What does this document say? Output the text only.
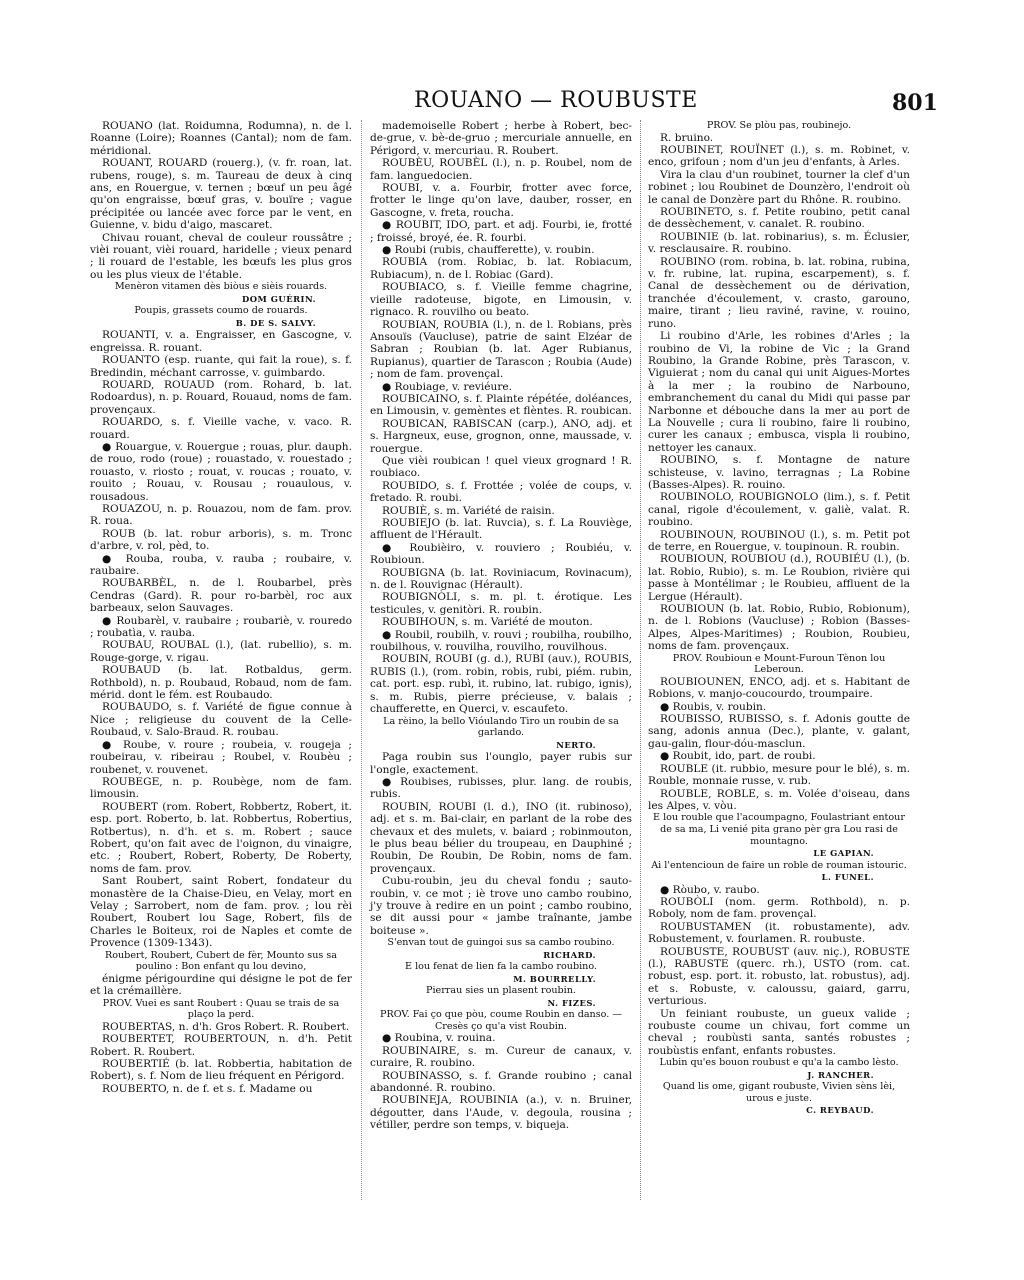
ROUANO — ROUBUSTE	801

ROUANO (lat. Roidumna, Rodumna), n. de l. Roanne (Loire); Roannes (Cantal); nom de fam. méridional.

ROUANT, ROUARD (rouerg.), (v. fr. roan, lat. rubens, rouge), s. m. Taureau de deux à cinq ans, en Rouergue, v. ternen ; bœuf un peu âgé qu'on engraisse, bœuf gras, v. bouïre ; vague précipitée ou lancée avec force par le vent, en Guienne, v. bidu d'aigo, mascaret.

Chivau rouant, cheval de couleur roussâtre ; vièi rouant, vièi rouard, haridelle ; vieux penard ; li rouard de l'estable, les bœufs les plus gros ou les plus vieux de l'étable.

Menèron vitamen dès biòus e sièis rouards.

DOM GUÉRIN.

Poupis, grassets coumo de rouards.

B. DE S. SALVY.

ROUANTI, v. a. Engraisser, en Gascogne, v. engreissa. R. rouant.

ROUANTO (esp. ruante, qui fait la roue), s. f. Bredindin, méchant carrosse, v. guimbardo.

ROUARD, ROUAUD (rom. Rohard, b. lat. Rodoardus), n. p. Rouard, Rouaud, noms de fam. provençaux.

ROUARDO, s. f. Vieille vache, v. vaco. R. rouard.

● Rouargue, v. Rouergue ; rouas, plur. dauph. de rouo, rodo (roue) ; rouastado, v. rouestado ; rouasto, v. riosto ; rouat, v. roucas ; rouato, v. rouito ; Rouau, v. Rousau ; rouaulous, v. rousadous.

ROUAZOU, n. p. Rouazou, nom de fam. prov. R. roua.

ROUB (b. lat. robur arboris), s. m. Tronc d'arbre, v. rol, pèd, to.

● Rouba, rouba, v. rauba ; roubaire, v. raubaire.

ROUBARBÈL, n. de l. Roubarbel, près Cendras (Gard). R. pour ro-barbèl, roc aux barbeaux, selon Sauvages.

● Roubarèl, v. raubaire ; roubariè, v. rouredo ; roubatìa, v. rauba.

ROUBAU, ROUBAL (l.), (lat. rubellio), s. m. Rouge-gorge, v. rigau.

ROUBAUD (b. lat. Rotbaldus, germ. Rothbold), n. p. Roubaud, Robaud, nom de fam. mérid. dont le fém. est Roubaudo.

ROUBAUDO, s. f. Variété de figue connue à Nice ; religieuse du couvent de la Celle-Roubaud, v. Salo-Braud. R. roubau.

● Roube, v. roure ; roubeia, v. rougeja ; roubeirau, v. ribeirau ; Roubel, v. Roubèu ; roubenet, v. rouvenet.

ROUBEGE, n. p. Roubège, nom de fam. limousin.

ROUBERT (rom. Robert, Robbertz, Robert, it. esp. port. Roberto, b. lat. Robbertus, Robertius, Rotbertus), n. d'h. et s. m. Robert ; sauce Robert, qu'on fait avec de l'oignon, du vinaigre, etc. ; Roubert, Robert, Roberty, De Roberty, noms de fam. prov.

Sant Roubert, saint Robert, fondateur du monastère de la Chaise-Dieu, en Velay, mort en Velay ; Sarrobert, nom de fam. prov. ; lou rèi Roubert, Roubert lou Sage, Robert, fils de Charles le Boiteux, roi de Naples et comte de Provence (1309-1343).

Roubert, Roubert, Cubert de fèr, Mounto sus sa poulino : Bon enfant qu lou devino,

énigme périgourdine qui désigne le pot de fer et la crémaillère.

PROV. Vuei es sant Roubert : Quau se trais de sa plaço la perd.

ROUBERTAS, n. d'h. Gros Robert. R. Roubert.

ROUBERTET, ROUBERTOUN, n. d'h. Petit Robert. R. Roubert.

ROUBERTIÉ (b. lat. Robbertia, habitation de Robert), s. f. Nom de lieu fréquent en Périgord.

ROUBERTO, n. de f. et s. f. Madame ou

mademoiselle Robert ; herbe à Robert, bec-de-grue, v. bè-de-gruo ; mercuriale annuelle, en Périgord, v. mercuriau. R. Roubert.

ROUBÈU, ROUBÈL (l.), n. p. Roubel, nom de fam. languedocien.

ROUBI, v. a. Fourbir, frotter avec force, frotter le linge qu'on lave, dauber, rosser, en Gascogne, v. freta, roucha.

● ROUBIT, IDO, part. et adj. Fourbi, ie, frotté ; froissé, broyé, ée. R. fourbi.

● Roubi (rubis, chaufferette), v. roubin.

ROUBIA (rom. Robiac, b. lat. Robiacum, Rubiacum), n. de l. Robiac (Gard).

ROUBIACO, s. f. Vieille femme chagrine, vieille radoteuse, bigote, en Limousin, v. rignaco. R. rouvilho ou beato.

ROUBIAN, ROUBIA (l.), n. de l. Robians, près Ansouïs (Vaucluse), patrie de saint Elzéar de Sabran ; Roubian (b. lat. Ager Rubianus, Rupianus), quartier de Tarascon ; Roubia (Aude) ; nom de fam. provençal.

● Roubiage, v. reviéure.

ROUBICAINO, s. f. Plainte répétée, doléances, en Limousin, v. gemèntes et flèntes. R. roubican.

ROUBICAN, RABISCAN (carp.), ANO, adj. et s. Hargneux, euse, grognon, onne, maussade, v. rouergue.

Que vièi roubican ! quel vieux grognard ! R. roubiaco.

ROUBIDO, s. f. Frottée ; volée de coups, v. fretado. R. roubi.

ROUBIÈ, s. m. Variété de raisin.

ROUBIEJO (b. lat. Ruvcia), s. f. La Rouviège, affluent de l'Hérault.

● Roubièiro, v. rouviero ; Roubiéu, v. Roubioun.

ROUBIGNA (b. lat. Roviniacum, Rovinacum), n. de l. Rouvignac (Hérault).

ROUBIGNÒLI, s. m. pl. t. érotique. Les testicules, v. genitòri. R. roubin.

ROUBIHOUN, s. m. Variété de mouton.

● Roubil, roubilh, v. rouvi ; roubilha, roubilho, roubilhous, v. rouvilha, rouvilho, rouvilhous.

ROUBIN, ROUBI (g. d.), RUBI (auv.), ROUBIS, RUBIS (l.), (rom. robin, robis, rubi, piém. rubin, cat. port. esp. rubì, it. rubino, lat. rubigo, ignis), s. m. Rubis, pierre précieuse, v. balais ; chaufferette, en Querci, v. escaufeto.

La rèino, la bello Vióulando Tiro un roubin de sa garlando.

NERTO.

Paga roubin sus l'ounglo, payer rubis sur l'ongle, exactement.

● Roubises, rubisses, plur. lang. de roubis, rubis.

ROUBIN, ROUBI (l. d.), INO (it. rubinoso), adj. et s. m. Bai-clair, en parlant de la robe des chevaux et des mulets, v. baiard ; robinmouton, le plus beau bélier du troupeau, en Dauphiné ; Roubin, De Roubin, De Robin, noms de fam. provençaux.

Cubu-roubin, jeu du cheval fondu ; sauto-roubin, v. ce mot ; iè trove uno cambo roubino, j'y trouve à redire en un point ; cambo roubino, se dit aussi pour « jambe traînante, jambe boiteuse ».

S'envan tout de guingoi sus sa cambo roubino.

RICHARD.

E lou fenat de lien fa la cambo roubino.

M. BOURRELLY.

Pierrau sies un plasent roubin.

N. FIZES.

PROV. Fai ço que pòu, coume Roubin en danso. — Cresès ço qu'a vist Roubin.

● Roubina, v. rouina.

ROUBINAIRE, s. m. Cureur de canaux, v. curaire, R. roubino.

ROUBINASSO, s. f. Grande roubino ; canal abandonné. R. roubino.

ROUBINEJA, ROUBINIA (a.), v. n. Bruiner, dégoutter, dans l'Aude, v. degoula, rousina ; vétiller, perdre son temps, v. biqueja.

PROV. Se plòu pas, roubinejo.

R. bruino.

ROUBINET, ROUÏNET (l.), s. m. Robinet, v. enco, grifoun ; nom d'un jeu d'enfants, à Arles.

Vira la clau d'un roubinet, tourner la clef d'un robinet ; lou Roubinet de Dounzèro, l'endroit où le canal de Donzère part du Rhône. R. roubino.

ROUBINETO, s. f. Petite roubino, petit canal de dessèchement, v. canalet. R. roubino.

ROUBINIE (b. lat. robinarius), s. m. Éclusier, v. resclausaire. R. roubino.

ROUBINO (rom. robina, b. lat. robina, rubina, v. fr. rubine, lat. rupina, escarpement), s. f. Canal de dessèchement ou de dérivation, tranchée d'écoulement, v. crasto, garouno, maire, tirant ; lieu raviné, ravine, v. rouino, runo.

Li roubino d'Arle, les robines d'Arles ; la roubino de Vi, la robine de Vic ; la Grand Roubino, la Grande Robine, près Tarascon, v. Viguierat ; nom du canal qui unit Aigues-Mortes à la mer ; la roubino de Narbouno, embranchement du canal du Midi qui passe par Narbonne et débouche dans la mer au port de La Nouvelle ; cura li roubino, faire li roubino, curer les canaux ; embusca, vispla li roubino, nettoyer les canaux.

ROUBINO, s. f. Montagne de nature schisteuse, v. lavino, terragnas ; La Robine (Basses-Alpes). R. rouino.

ROUBINOLO, ROUBIGNOLO (lim.), s. f. Petit canal, rigole d'écoulement, v. galiè, valat. R. roubino.

ROUBINOUN, ROUBINOU (l.), s. m. Petit pot de terre, en Rouergue, v. toupinoun. R. roubin.

ROUBIOUN, ROUBIOU (d.), ROUBIÉU (l.), (b. lat. Robio, Rubio), s. m. Le Roubion, rivière qui passe à Montélimar ; le Roubieu, affluent de la Lergue (Hérault).

ROUBIOUN (b. lat. Robio, Rubio, Robionum), n. de l. Robions (Vaucluse) ; Robion (Basses-Alpes, Alpes-Maritimes) ; Roubion, Roubieu, noms de fam. provençaux.

PROV. Roubioun e Mount-Furoun Tènon lou Leberoun.

ROUBIOUNEN, ENCO, adj. et s. Habitant de Robions, v. manjo-coucourdo, troumpaire.

● Roubis, v. roubin.

ROUBISSO, RUBISSO, s. f. Adonis goutte de sang, adonis annua (Dec.), plante, v. galant, gau-galin, flour-dóu-masclun.

● Roubit, ido, part. de roubi.

ROUBLE (it. rubbio, mesure pour le blé), s. m. Rouble, monnaie russe, v. rub.

ROUBLE, ROBLE, s. m. Volée d'oiseau, dans les Alpes, v. vòu.

E lou rouble que l'acoumpagno, Foulastriant entour de sa ma, Li venié pita grano pèr gra Lou rasi de mountagno.

LE GAPIAN.

Ai l'entencioun de faire un roble de rouman istouric.

L. FUNEL.

● Ròubo, v. raubo.

ROUBÒLI (nom. germ. Rothbold), n. p. Roboly, nom de fam. provençal.

ROUBUSTAMEN (it. robustamente), adv. Robustement, v. fourlamen. R. roubuste.

ROUBUSTE, ROUBUST (auv. niç.), ROBUSTE (l.), RABUSTE (querc. rh.), USTO (rom. cat. robust, esp. port. it. robusto, lat. robustus), adj. et s. Robuste, v. caloussu, gaiard, garru, verturious.

Un feiniant roubuste, un gueux valide ; roubuste coume un chivau, fort comme un cheval ; roubùsti santa, santés robustes ; roubùstis enfant, enfants robustes.

Lubin qu'es bouon roubust e qu'a la cambo lèsto.

J. RANCHER.

Quand lis ome, gigant roubuste, Vivien sèns lèi, urous e juste.

C. REYBAUD.
